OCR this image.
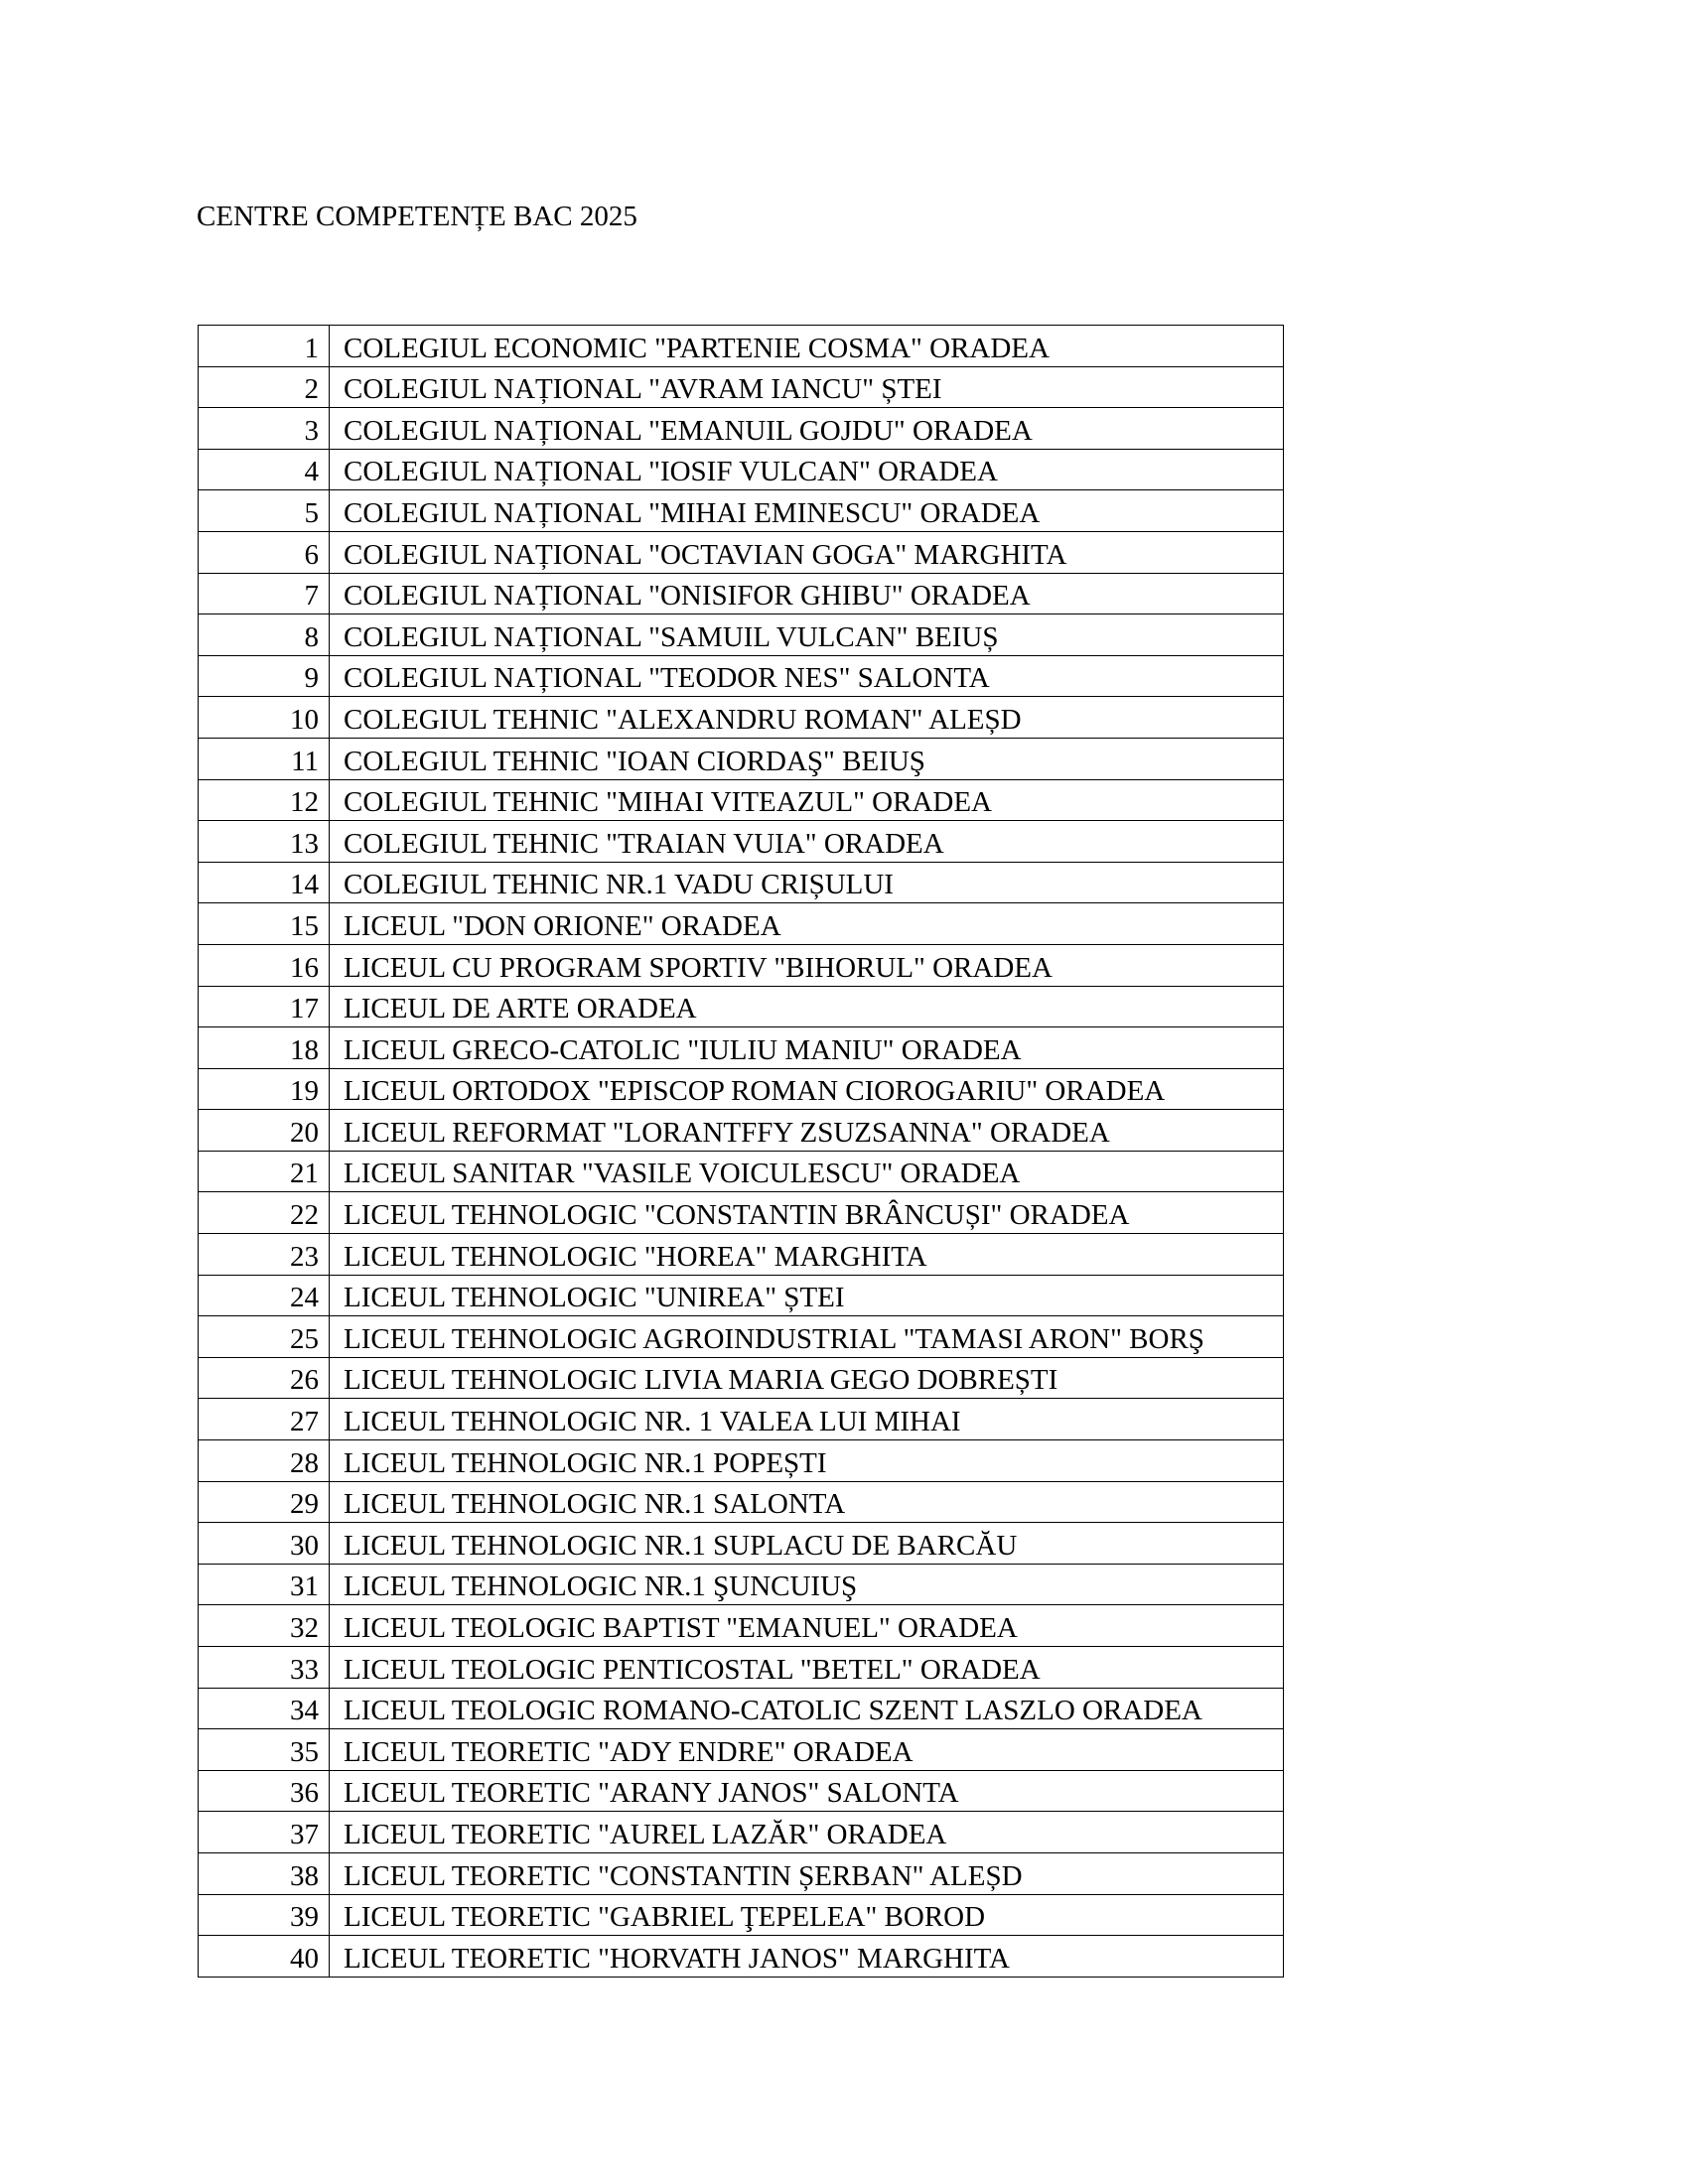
CENTRE COMPETENȚE BAC 2025
1	COLEGIUL ECONOMIC "PARTENIE COSMA" ORADEA
2	COLEGIUL NAȚIONAL "AVRAM IANCU" ȘTEI
3	COLEGIUL NAȚIONAL "EMANUIL GOJDU" ORADEA
4	COLEGIUL NAȚIONAL "IOSIF VULCAN" ORADEA
5	COLEGIUL NAȚIONAL "MIHAI EMINESCU" ORADEA
6	COLEGIUL NAȚIONAL "OCTAVIAN GOGA" MARGHITA
7	COLEGIUL NAȚIONAL "ONISIFOR GHIBU" ORADEA
8	COLEGIUL NAȚIONAL "SAMUIL VULCAN" BEIUȘ
9	COLEGIUL NAȚIONAL "TEODOR NES" SALONTA
10	COLEGIUL TEHNIC "ALEXANDRU ROMAN" ALEȘD
11	COLEGIUL TEHNIC "IOAN CIORDAŞ" BEIUŞ
12	COLEGIUL TEHNIC "MIHAI VITEAZUL" ORADEA
13	COLEGIUL TEHNIC "TRAIAN VUIA" ORADEA
14	COLEGIUL TEHNIC NR.1 VADU CRIȘULUI
15	LICEUL "DON ORIONE" ORADEA
16	LICEUL CU PROGRAM SPORTIV "BIHORUL" ORADEA
17	LICEUL DE ARTE ORADEA
18	LICEUL GRECO-CATOLIC "IULIU MANIU" ORADEA
19	LICEUL ORTODOX "EPISCOP ROMAN CIOROGARIU" ORADEA
20	LICEUL REFORMAT "LORANTFFY ZSUZSANNA" ORADEA
21	LICEUL SANITAR "VASILE VOICULESCU" ORADEA
22	LICEUL TEHNOLOGIC "CONSTANTIN BRÂNCUȘI" ORADEA
23	LICEUL TEHNOLOGIC "HOREA" MARGHITA
24	LICEUL TEHNOLOGIC "UNIREA" ȘTEI
25	LICEUL TEHNOLOGIC AGROINDUSTRIAL "TAMASI ARON" BORŞ
26	LICEUL TEHNOLOGIC LIVIA MARIA GEGO DOBREȘTI
27	LICEUL TEHNOLOGIC NR. 1 VALEA LUI MIHAI
28	LICEUL TEHNOLOGIC NR.1 POPEȘTI
29	LICEUL TEHNOLOGIC NR.1 SALONTA
30	LICEUL TEHNOLOGIC NR.1 SUPLACU DE BARCĂU
31	LICEUL TEHNOLOGIC NR.1 ŞUNCUIUŞ
32	LICEUL TEOLOGIC BAPTIST "EMANUEL" ORADEA
33	LICEUL TEOLOGIC PENTICOSTAL "BETEL" ORADEA
34	LICEUL TEOLOGIC ROMANO-CATOLIC SZENT LASZLO ORADEA
35	LICEUL TEORETIC "ADY ENDRE" ORADEA
36	LICEUL TEORETIC "ARANY JANOS" SALONTA
37	LICEUL TEORETIC "AUREL LAZĂR" ORADEA
38	LICEUL TEORETIC "CONSTANTIN ȘERBAN" ALEȘD
39	LICEUL TEORETIC "GABRIEL ŢEPELEA" BOROD
40	LICEUL TEORETIC "HORVATH JANOS" MARGHITA
